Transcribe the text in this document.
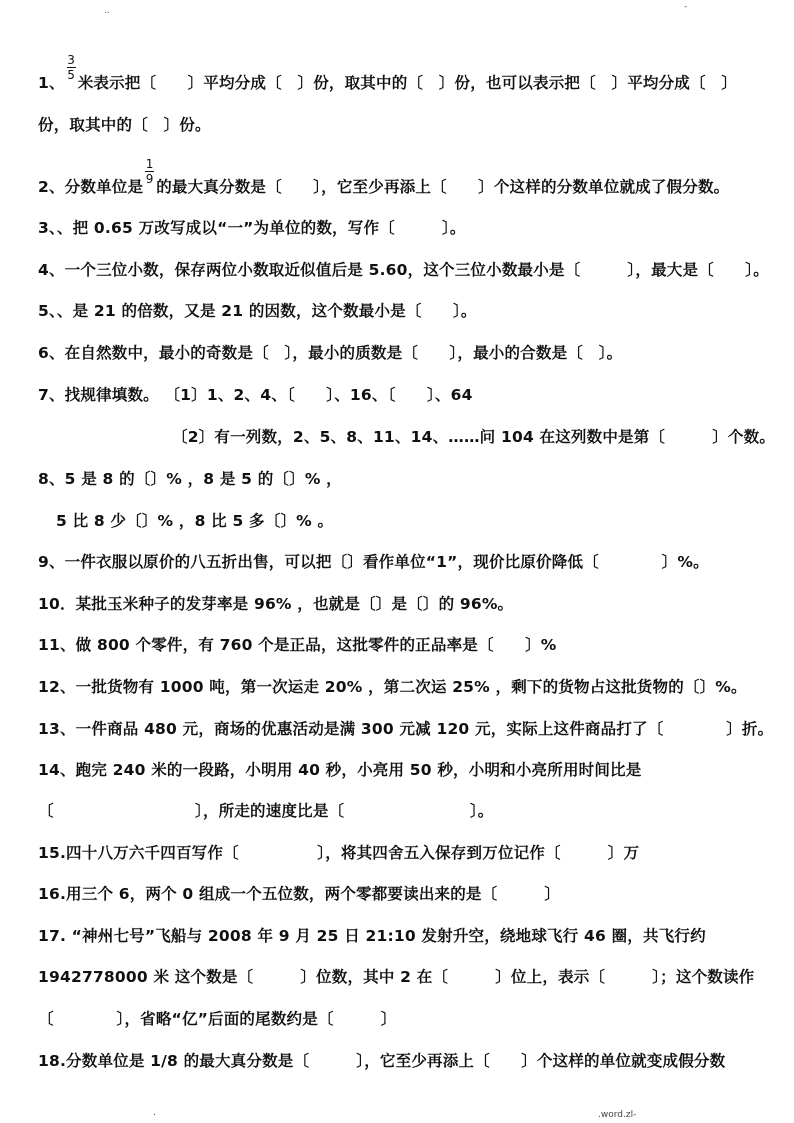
..	-
1、
$\frac{3}{5}$
米表示把〔　　〕平均分成〔　〕份，取其中的〔　〕份，也可以表示把〔　〕平均分成〔　〕
份，取其中的〔　〕份。
2、分数单位是
$\frac{1}{9}$
的最大真分数是〔　　〕，它至少再添上〔　　〕个这样的分数单位就成了假分数。
3、、把 0.65 万改写成以“一”为单位的数，写作〔　　　〕。
4、一个三位小数，保存两位小数取近似值后是 5.60，这个三位小数最小是〔　　　〕，最大是〔　　〕。
5、、是 21 的倍数，又是 21 的因数，这个数最小是〔　　〕。
6、在自然数中，最小的奇数是〔　〕，最小的质数是〔　　〕，最小的合数是〔　〕。
7、找规律填数。 〔1〕1、2、4、〔　　〕、16、〔　　〕、64
〔2〕有一列数，2、5、8、11、14、……问 104 在这列数中是第〔　　　〕个数。
8、5 是 8 的〔〕% ，8 是 5 的〔〕% ，
5 比 8 少〔〕% ，8 比 5 多〔〕% 。
9、一件衣服以原价的八五折出售，可以把〔〕看作单位“1”，现价比原价降低〔　　　　〕%。
10．某批玉米种子的发芽率是 96% ，也就是〔〕是〔〕的 96%。
11、做 800 个零件，有 760 个是正品，这批零件的正品率是〔　　〕%
12、一批货物有 1000 吨，第一次运走 20% ，第二次运 25% ，剩下的货物占这批货物的〔〕%。
13、一件商品 480 元，商场的优惠活动是满 300 元减 120 元，实际上这件商品打了〔　　　　〕折。
14、跑完 240 米的一段路，小明用 40 秒，小亮用 50 秒，小明和小亮所用时间比是
〔　　　　　　　　　〕，所走的速度比是〔　　　　　　　　〕。
15.四十八万六千四百写作〔　　　　　〕，将其四舍五入保存到万位记作〔　　　〕万
16.用三个 6，两个 0 组成一个五位数，两个零都要读出来的是〔　　　〕
17. “神州七号”飞船与 2008 年 9 月 25 日 21:10 发射升空，绕地球飞行 46 圈，共飞行约
1942778000 米 这个数是〔　　　〕位数，其中 2 在〔　　　〕位上，表示〔　　　〕；这个数读作
〔　　　　〕，省略“亿”后面的尾数约是〔　　　〕
18.分数单位是 1/8 的最大真分数是〔　　　〕，它至少再添上〔　　〕个这样的单位就变成假分数
.	.word.zl-
